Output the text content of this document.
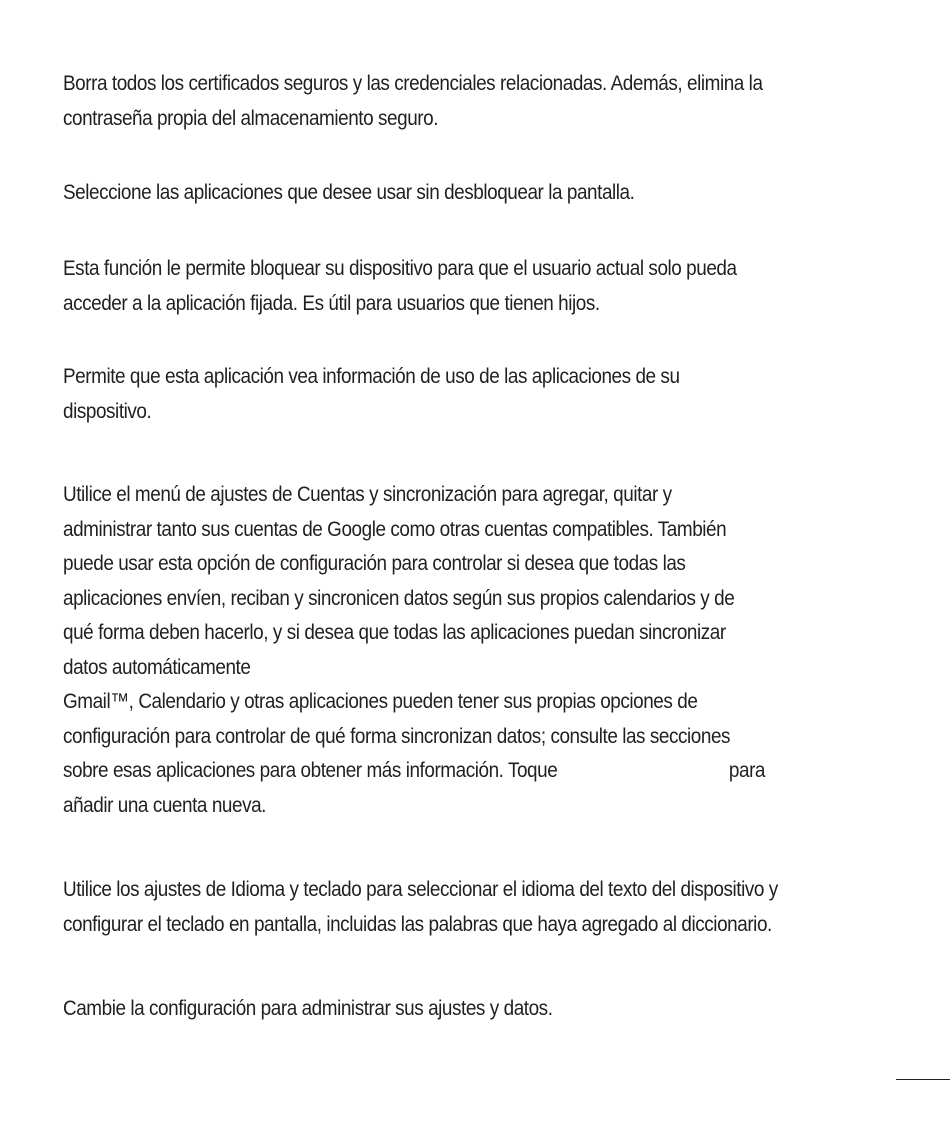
Borra todos los certificados seguros y las credenciales relacionadas. Además, elimina la
contraseña propia del almacenamiento seguro.

Seleccione las aplicaciones que desee usar sin desbloquear la pantalla.

Esta función le permite bloquear su dispositivo para que el usuario actual solo pueda
acceder a la aplicación fijada. Es útil para usuarios que tienen hijos.

Permite que esta aplicación vea información de uso de las aplicaciones de su
dispositivo.

Utilice el menú de ajustes de Cuentas y sincronización para agregar, quitar y
administrar tanto sus cuentas de Google como otras cuentas compatibles. También
puede usar esta opción de configuración para controlar si desea que todas las
aplicaciones envíen, reciban y sincronicen datos según sus propios calendarios y de
qué forma deben hacerlo, y si desea que todas las aplicaciones puedan sincronizar
datos automáticamente
Gmail™, Calendario y otras aplicaciones pueden tener sus propias opciones de
configuración para controlar de qué forma sincronizan datos; consulte las secciones
sobre esas aplicaciones para obtener más información. Toque	para
añadir una cuenta nueva.

Utilice los ajustes de Idioma y teclado para seleccionar el idioma del texto del dispositivo y
configurar el teclado en pantalla, incluidas las palabras que haya agregado al diccionario.

Cambie la configuración para administrar sus ajustes y datos.
